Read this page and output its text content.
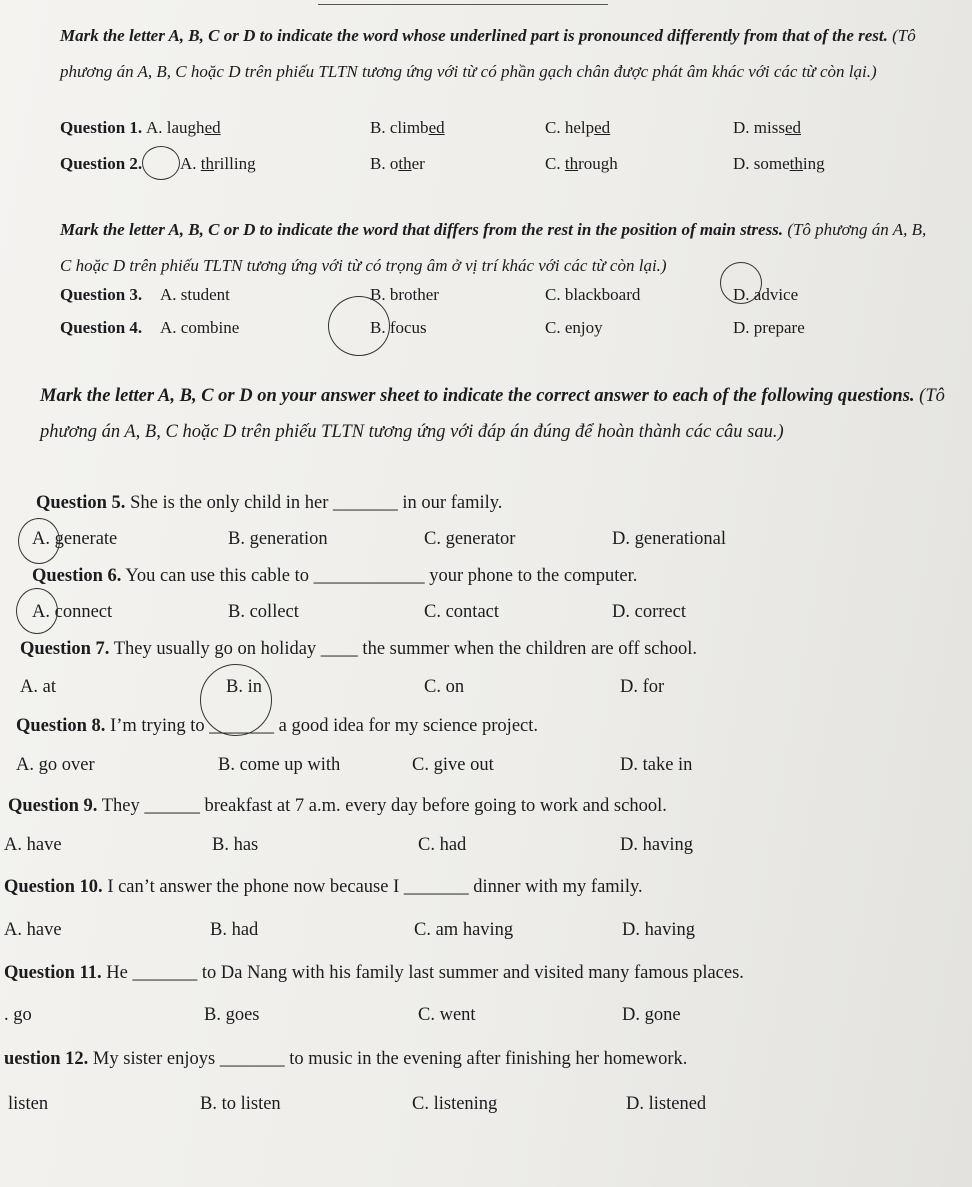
Mark the letter A, B, C or D to indicate the word whose underlined part is pronounced differently from that of the rest. (Tô phương án A, B, C hoặc D trên phiếu TLTN tương ứng với từ có phần gạch chân được phát âm khác với các từ còn lại.)
Question 1. A. laughed	B. climbed	C. helped	D. missed
Question 2. A. thrilling	B. other	C. through	D. something
Mark the letter A, B, C or D to indicate the word that differs from the rest in the position of main stress. (Tô phương án A, B, C hoặc D trên phiếu TLTN tương ứng với từ có trọng âm ở vị trí khác với các từ còn lại.)
Question 3. A. student	B. brother	C. blackboard	D. advice
Question 4. A. combine	B. focus	C. enjoy	D. prepare
Mark the letter A, B, C or D on your answer sheet to indicate the correct answer to each of the following questions. (Tô phương án A, B, C hoặc D trên phiếu TLTN tương ứng với đáp án đúng để hoàn thành các câu sau.)
Question 5. She is the only child in her _______ in our family.
A. generate	B. generation	C. generator	D. generational
Question 6. You can use this cable to ____________ your phone to the computer.
A. connect	B. collect	C. contact	D. correct
Question 7. They usually go on holiday ____ the summer when the children are off school.
A. at	B. in	C. on	D. for
Question 8. I’m trying to _______ a good idea for my science project.
A. go over	B. come up with	C. give out	D. take in
Question 9. They ______ breakfast at 7 a.m. every day before going to work and school.
A. have	B. has	C. had	D. having
Question 10. I can’t answer the phone now because I _______ dinner with my family.
A. have	B. had	C. am having	D. having
Question 11. He _______ to Da Nang with his family last summer and visited many famous places.
. go	B. goes	C. went	D. gone
uestion 12. My sister enjoys _______ to music in the evening after finishing her homework.
listen	B. to listen	C. listening	D. listened
